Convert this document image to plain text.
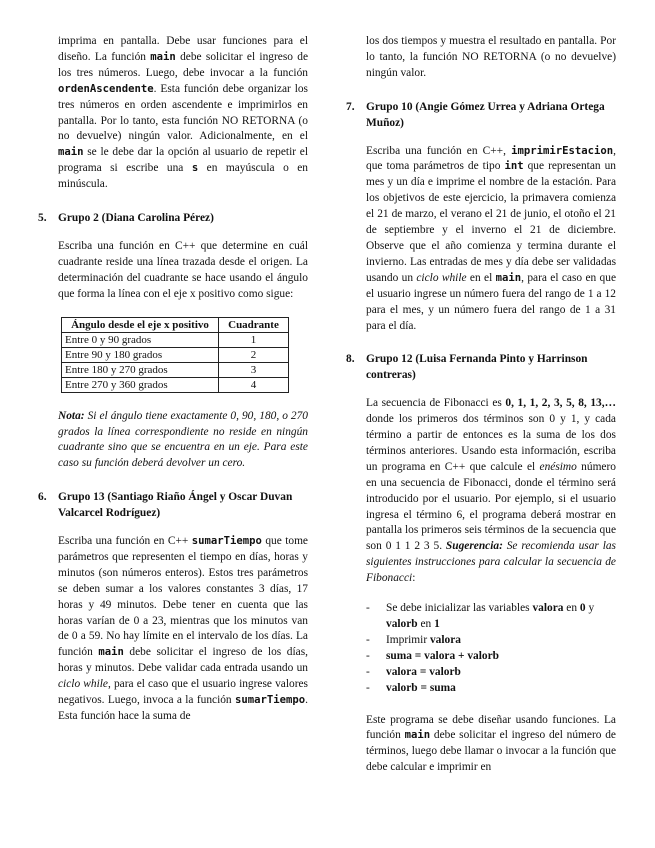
imprima en pantalla. Debe usar funciones para el diseño. La función main debe solicitar el ingreso de los tres números. Luego, debe invocar a la función ordenAscendente. Esta función debe organizar los tres números en orden ascendente e imprimirlos en pantalla. Por lo tanto, esta función NO RETORNA (o no devuelve) ningún valor. Adicionalmente, en el main se le debe dar la opción al usuario de repetir el programa si escribe una s en mayúscula o en minúscula.

5. Grupo 2 (Diana Carolina Pérez)

Escriba una función en C++ que determine en cuál cuadrante reside una línea trazada desde el origen. La determinación del cuadrante se hace usando el ángulo que forma la línea con el eje x positivo como sigue:

Ángulo desde el eje x positivo	Cuadrante
Entre 0 y 90 grados	1
Entre 90 y 180 grados	2
Entre 180 y 270 grados	3
Entre 270 y 360 grados	4

Nota: Si el ángulo tiene exactamente 0, 90, 180, o 270 grados la línea correspondiente no reside en ningún cuadrante sino que se encuentra en un eje. Para este caso su función deberá devolver un cero.

6. Grupo 13 (Santiago Riaño Ángel y Oscar Duvan Valcarcel Rodríguez)

Escriba una función en C++ sumarTiempo que tome parámetros que representen el tiempo en días, horas y minutos (son números enteros). Estos tres parámetros se deben sumar a los valores constantes 3 días, 17 horas y 49 minutos. Debe tener en cuenta que las horas varían de 0 a 23, mientras que los minutos van de 0 a 59. No hay límite en el intervalo de los días. La función main debe solicitar el ingreso de los días, horas y minutos. Debe validar cada entrada usando un ciclo while, para el caso que el usuario ingrese valores negativos. Luego, invoca a la función sumarTiempo. Esta función hace la suma de

los dos tiempos y muestra el resultado en pantalla. Por lo tanto, la función NO RETORNA (o no devuelve) ningún valor.

7. Grupo 10 (Angie Gómez Urrea y Adriana Ortega Muñoz)

Escriba una función en C++, imprimirEstacion, que toma parámetros de tipo int que representan un mes y un día e imprime el nombre de la estación. Para los objetivos de este ejercicio, la primavera comienza el 21 de marzo, el verano el 21 de junio, el otoño el 21 de septiembre y el inverno el 21 de diciembre. Observe que el año comienza y termina durante el invierno. Las entradas de mes y día debe ser validadas usando un ciclo while en el main, para el caso en que el usuario ingrese un número fuera del rango de 1 a 12 para el mes, y un número fuera del rango de 1 a 31 para el día.

8. Grupo 12 (Luisa Fernanda Pinto y Harrinson contreras)

La secuencia de Fibonacci es 0, 1, 1, 2, 3, 5, 8, 13,… donde los primeros dos términos son 0 y 1, y cada término a partir de entonces es la suma de los dos términos anteriores. Usando esta información, escriba un programa en C++ que calcule el enésimo número en una secuencia de Fibonacci, donde el término será introducido por el usuario. Por ejemplo, si el usuario ingresa el término 6, el programa deberá mostrar en pantalla los primeros seis términos de la secuencia que son 0 1 1 2 3 5. Sugerencia: Se recomienda usar las siguientes instrucciones para calcular la secuencia de Fibonacci:

- Se debe inicializar las variables valora en 0 y valorb en 1
- Imprimir valora
- suma = valora + valorb
- valora = valorb
- valorb = suma

Este programa se debe diseñar usando funciones. La función main debe solicitar el ingreso del número de términos, luego debe llamar o invocar a la función que debe calcular e imprimir en
